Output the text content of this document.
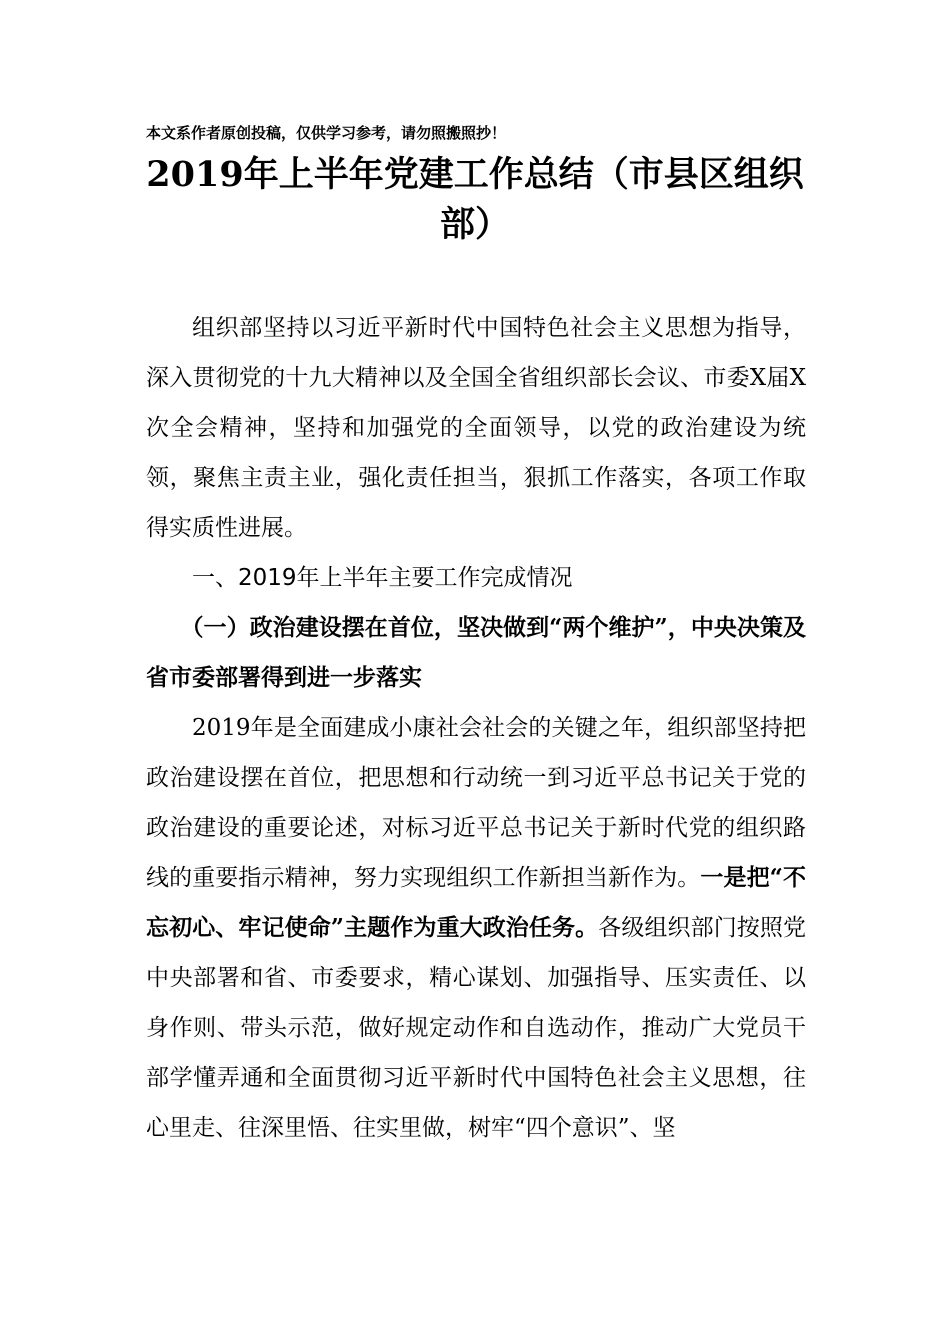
本文系作者原创投稿，仅供学习参考，请勿照搬照抄！
2019年上半年党建工作总结（市县区组织部）

组织部坚持以习近平新时代中国特色社会主义思想为指导，深入贯彻党的十九大精神以及全国全省组织部长会议、市委X届X次全会精神，坚持和加强党的全面领导，以党的政治建设为统领，聚焦主责主业，强化责任担当，狠抓工作落实，各项工作取得实质性进展。

一、2019年上半年主要工作完成情况

（一）政治建设摆在首位，坚决做到“两个维护”，中央决策及省市委部署得到进一步落实

2019年是全面建成小康社会社会的关键之年，组织部坚持把政治建设摆在首位，把思想和行动统一到习近平总书记关于党的政治建设的重要论述，对标习近平总书记关于新时代党的组织路线的重要指示精神，努力实现组织工作新担当新作为。一是把“不忘初心、牢记使命”主题作为重大政治任务。各级组织部门按照党中央部署和省、市委要求，精心谋划、加强指导、压实责任、以身作则、带头示范，做好规定动作和自选动作，推动广大党员干部学懂弄通和全面贯彻习近平新时代中国特色社会主义思想，往心里走、往深里悟、往实里做，树牢“四个意识”、坚
